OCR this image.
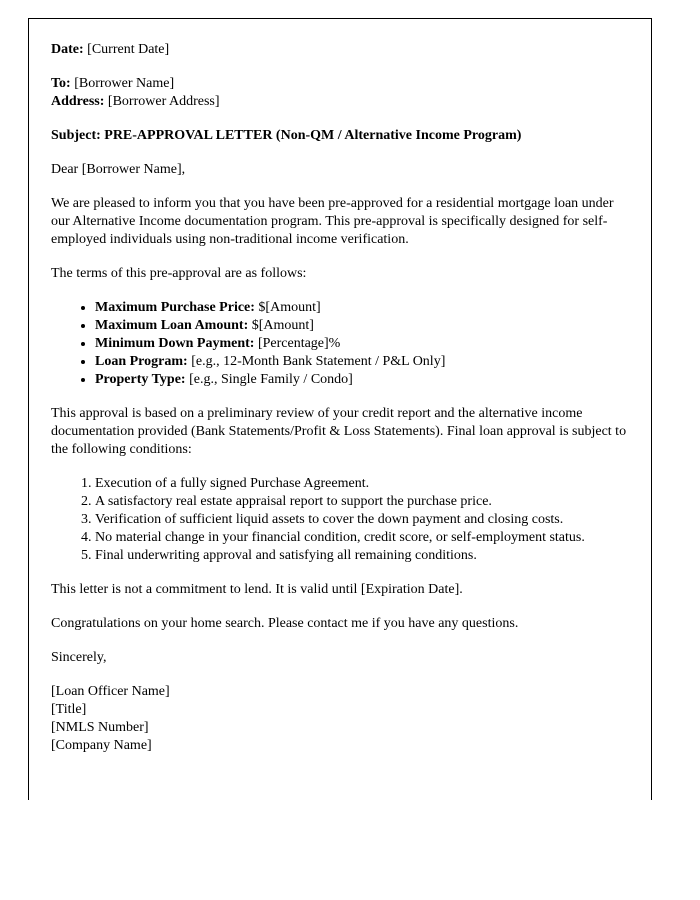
Date: [Current Date]

To: [Borrower Name]
Address: [Borrower Address]

Subject: PRE-APPROVAL LETTER (Non-QM / Alternative Income Program)

Dear [Borrower Name],

We are pleased to inform you that you have been pre-approved for a residential mortgage loan under our Alternative Income documentation program. This pre-approval is specifically designed for self-employed individuals using non-traditional income verification.

The terms of this pre-approval are as follows:

• Maximum Purchase Price: $[Amount]
• Maximum Loan Amount: $[Amount]
• Minimum Down Payment: [Percentage]%
• Loan Program: [e.g., 12-Month Bank Statement / P&L Only]
• Property Type: [e.g., Single Family / Condo]

This approval is based on a preliminary review of your credit report and the alternative income documentation provided (Bank Statements/Profit & Loss Statements). Final loan approval is subject to the following conditions:

1. Execution of a fully signed Purchase Agreement.
2. A satisfactory real estate appraisal report to support the purchase price.
3. Verification of sufficient liquid assets to cover the down payment and closing costs.
4. No material change in your financial condition, credit score, or self-employment status.
5. Final underwriting approval and satisfying all remaining conditions.

This letter is not a commitment to lend. It is valid until [Expiration Date].

Congratulations on your home search. Please contact me if you have any questions.

Sincerely,

[Loan Officer Name]
[Title]
[NMLS Number]
[Company Name]
